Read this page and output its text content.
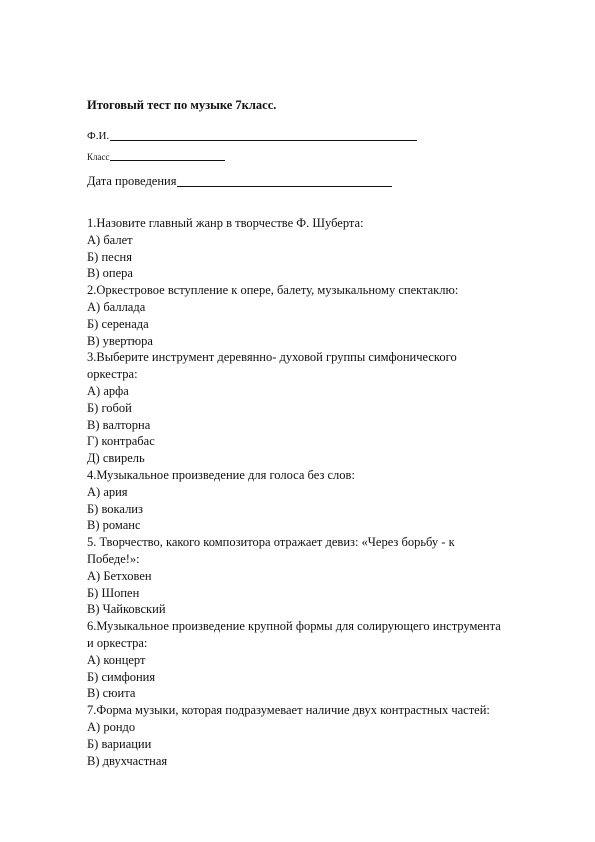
Итоговый тест по музыке 7класс.
Ф.И.
Класс
Дата проведения
1.Назовите главный жанр в творчестве Ф. Шуберта:
А) балет
Б) песня
В) опера
2.Оркестровое вступление к опере, балету, музыкальному спектаклю:
А) баллада
Б) серенада
В) увертюра
3.Выберите инструмент деревянно- духовой группы симфонического
оркестра:
А) арфа
Б) гобой
В) валторна
Г) контрабас
Д) свирель
4.Музыкальное произведение для голоса без слов:
А) ария
Б) вокализ
В) романс
5. Творчество, какого композитора отражает девиз: «Через борьбу - к
Победе!»:
А) Бетховен
Б) Шопен
В) Чайковский
6.Музыкальное произведение крупной формы для солирующего инструмента
и оркестра:
А) концерт
Б) симфония
В) сюита
7.Форма музыки, которая подразумевает наличие двух контрастных частей:
А) рондо
Б) вариации
В) двухчастная
